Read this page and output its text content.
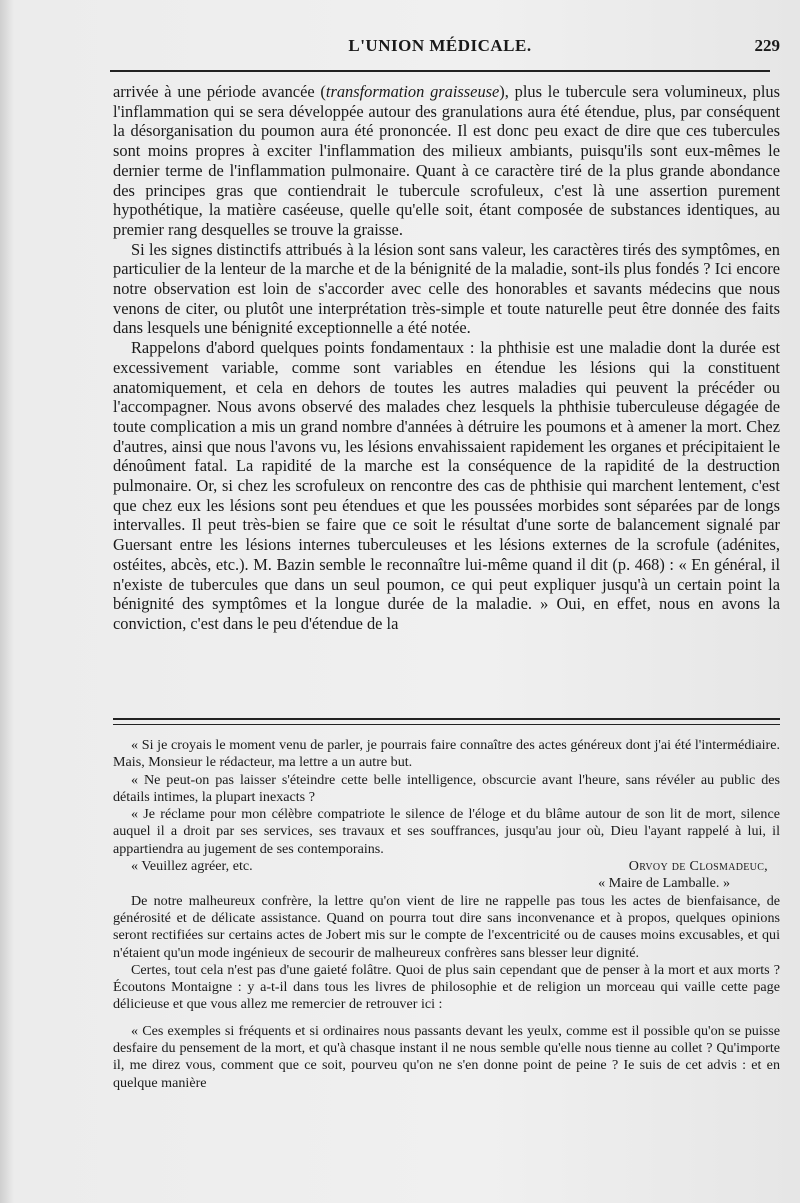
L'UNION MÉDICALE.	229

arrivée à une période avancée (transformation graisseuse), plus le tubercule sera volumineux, plus l'inflammation qui se sera développée autour des granulations aura été étendue, plus, par conséquent la désorganisation du poumon aura été prononcée. Il est donc peu exact de dire que ces tubercules sont moins propres à exciter l'inflammation des milieux ambiants, puisqu'ils sont eux-mêmes le dernier terme de l'inflammation pulmonaire. Quant à ce caractère tiré de la plus grande abondance des principes gras que contiendrait le tubercule scrofuleux, c'est là une assertion purement hypothétique, la matière caséeuse, quelle qu'elle soit, étant composée de substances identiques, au premier rang desquelles se trouve la graisse.

Si les signes distinctifs attribués à la lésion sont sans valeur, les caractères tirés des symptômes, en particulier de la lenteur de la marche et de la bénignité de la maladie, sont-ils plus fondés ? Ici encore notre observation est loin de s'accorder avec celle des honorables et savants médecins que nous venons de citer, ou plutôt une interprétation très-simple et toute naturelle peut être donnée des faits dans lesquels une bénignité exceptionnelle a été notée.

Rappelons d'abord quelques points fondamentaux : la phthisie est une maladie dont la durée est excessivement variable, comme sont variables en étendue les lésions qui la constituent anatomiquement, et cela en dehors de toutes les autres maladies qui peuvent la précéder ou l'accompagner. Nous avons observé des malades chez lesquels la phthisie tuberculeuse dégagée de toute complication a mis un grand nombre d'années à détruire les poumons et à amener la mort. Chez d'autres, ainsi que nous l'avons vu, les lésions envahissaient rapidement les organes et précipitaient le dénoûment fatal. La rapidité de la marche est la conséquence de la rapidité de la destruction pulmonaire. Or, si chez les scrofuleux on rencontre des cas de phthisie qui marchent lentement, c'est que chez eux les lésions sont peu étendues et que les poussées morbides sont séparées par de longs intervalles. Il peut très-bien se faire que ce soit le résultat d'une sorte de balancement signalé par Guersant entre les lésions internes tuberculeuses et les lésions externes de la scrofule (adénites, ostéites, abcès, etc.). M. Bazin semble le reconnaître lui-même quand il dit (p. 468) : « En général, il n'existe de tubercules que dans un seul poumon, ce qui peut expliquer jusqu'à un certain point la bénignité des symptômes et la longue durée de la maladie. » Oui, en effet, nous en avons la conviction, c'est dans le peu d'étendue de la

« Si je croyais le moment venu de parler, je pourrais faire connaître des actes généreux dont j'ai été l'intermédiaire. Mais, Monsieur le rédacteur, ma lettre a un autre but.

« Ne peut-on pas laisser s'éteindre cette belle intelligence, obscurcie avant l'heure, sans révéler au public des détails intimes, la plupart inexacts ?

« Je réclame pour mon célèbre compatriote le silence de l'éloge et du blâme autour de son lit de mort, silence auquel il a droit par ses services, ses travaux et ses souffrances, jusqu'au jour où, Dieu l'ayant rappelé à lui, il appartiendra au jugement de ses contemporains.

« Veuillez agréer, etc.	Orvoy de Closmadeuc,
« Maire de Lamballe. »

De notre malheureux confrère, la lettre qu'on vient de lire ne rappelle pas tous les actes de bienfaisance, de générosité et de délicate assistance. Quand on pourra tout dire sans inconvenance et à propos, quelques opinions seront rectifiées sur certains actes de Jobert mis sur le compte de l'excentricité ou de causes moins excusables, et qui n'étaient qu'un mode ingénieux de secourir de malheureux confrères sans blesser leur dignité.

Certes, tout cela n'est pas d'une gaieté folâtre. Quoi de plus sain cependant que de penser à la mort et aux morts ? Écoutons Montaigne : y a-t-il dans tous les livres de philosophie et de religion un morceau qui vaille cette page délicieuse et que vous allez me remercier de retrouver ici :

« Ces exemples si fréquents et si ordinaires nous passants devant les yeulx, comme est il possible qu'on se puisse desfaire du pensement de la mort, et qu'à chasque instant il ne nous semble qu'elle nous tienne au collet ? Qu'importe il, me direz vous, comment que ce soit, pourveu qu'on ne s'en donne point de peine ? Ie suis de cet advis : et en quelque manière
